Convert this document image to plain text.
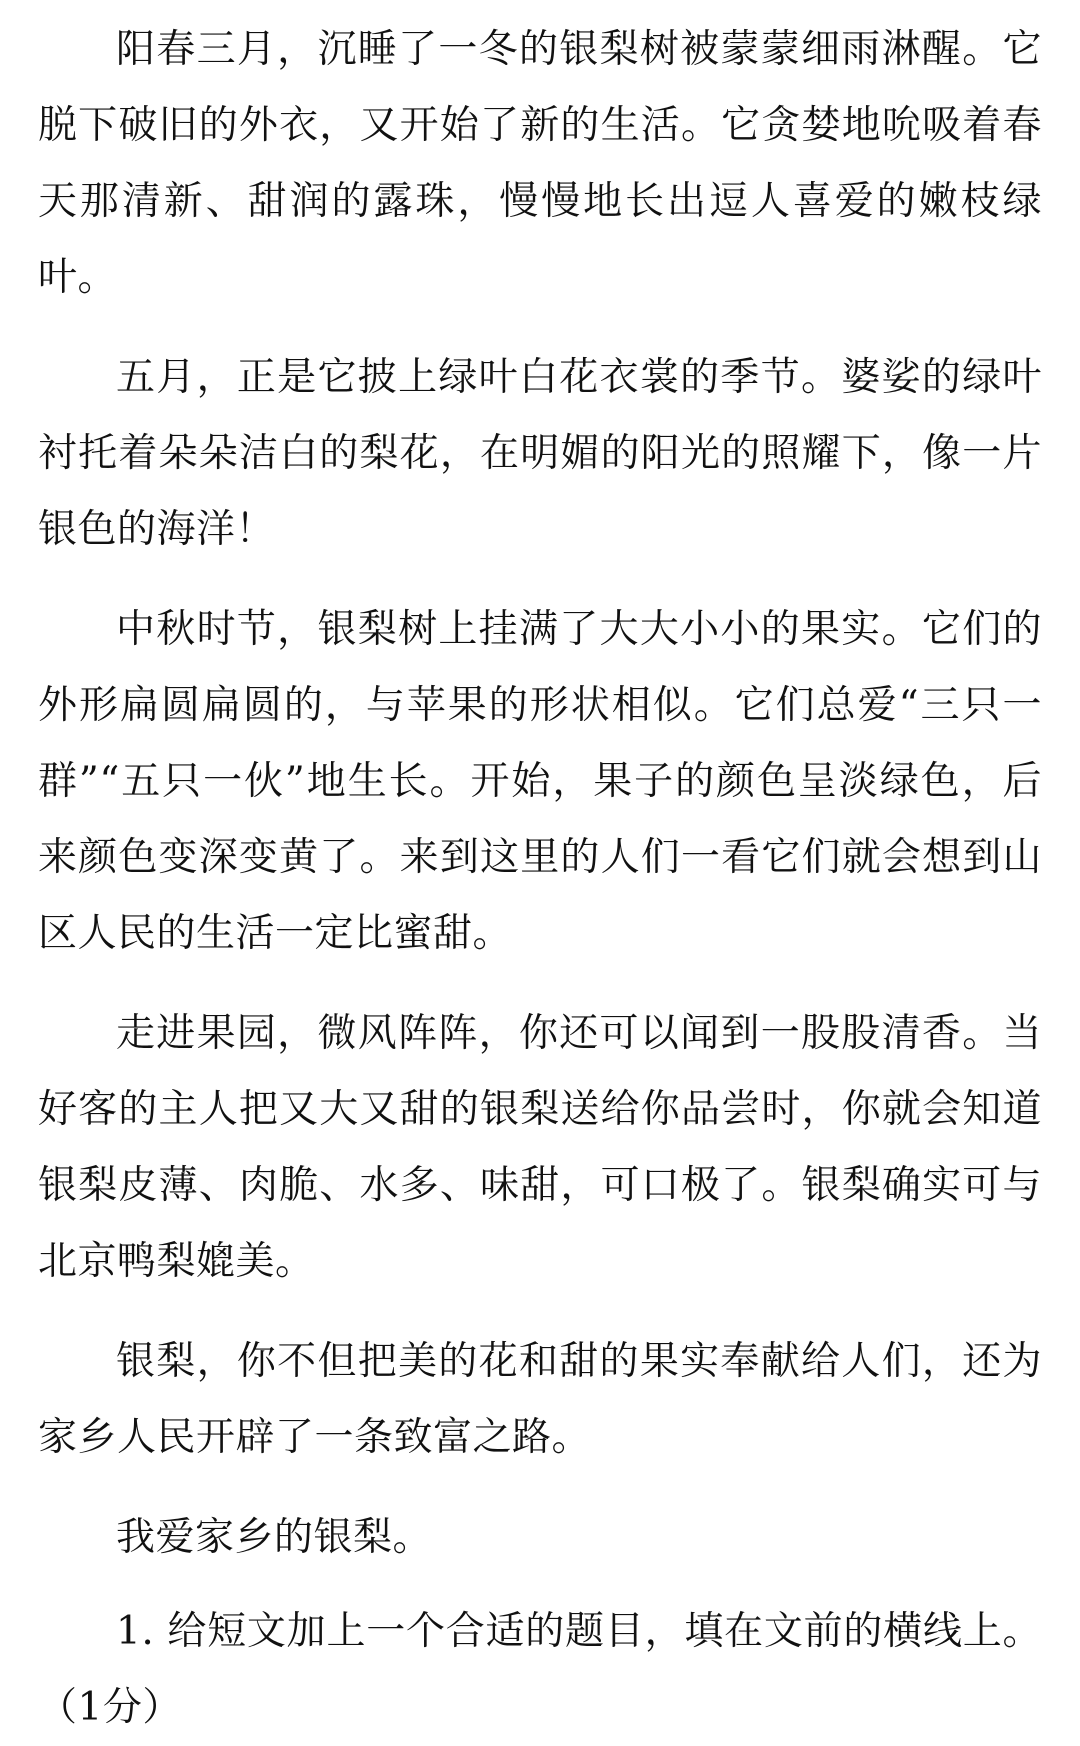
阳春三月，沉睡了一冬的银梨树被蒙蒙细雨淋醒。它脱下破旧的外衣，又开始了新的生活。它贪婪地吮吸着春天那清新、甜润的露珠，慢慢地长出逗人喜爱的嫩枝绿叶。

五月，正是它披上绿叶白花衣裳的季节。婆娑的绿叶衬托着朵朵洁白的梨花，在明媚的阳光的照耀下，像一片银色的海洋！

中秋时节，银梨树上挂满了大大小小的果实。它们的外形扁圆扁圆的，与苹果的形状相似。它们总爱“三只一群”“五只一伙”地生长。开始，果子的颜色呈淡绿色，后来颜色变深变黄了。来到这里的人们一看它们就会想到山区人民的生活一定比蜜甜。

走进果园，微风阵阵，你还可以闻到一股股清香。当好客的主人把又大又甜的银梨送给你品尝时，你就会知道银梨皮薄、肉脆、水多、味甜，可口极了。银梨确实可与北京鸭梨媲美。

银梨，你不但把美的花和甜的果实奉献给人们，还为家乡人民开辟了一条致富之路。

我爱家乡的银梨。

1. 给短文加上一个合适的题目，填在文前的横线上。（1分）
